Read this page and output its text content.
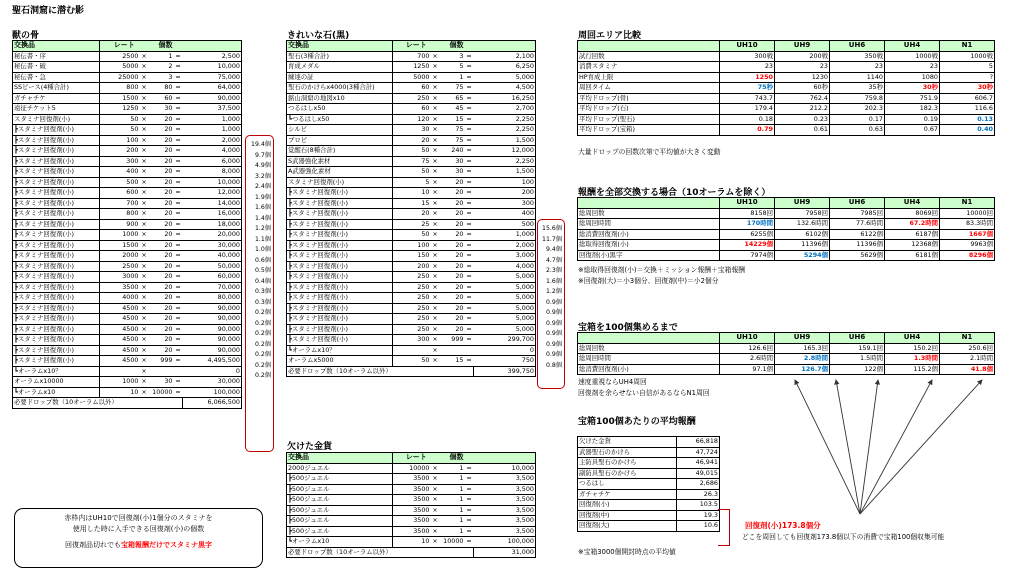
聖石洞窟に潜む影
獣の骨
交換品	レート		個数		
秘伝書・序	2500	×	1	=	2,500
秘伝書・破	5000	×	2	=	10,000
秘伝書・急	25000	×	3	=	75,000
SSピース(4種合計)	800	×	80	=	64,000
ガチャチケ	1500	×	60	=	90,000
遠征チケット5	1250	×	30	=	37,500
スタミナ回復剤(小)	50	×	20	=	1,000
┣スタミナ回復剤(小)	50	×	20	=	1,000
┣スタミナ回復剤(小)	100	×	20	=	2,000
┣スタミナ回復剤(小)	200	×	20	=	4,000
┣スタミナ回復剤(小)	300	×	20	=	6,000
┣スタミナ回復剤(小)	400	×	20	=	8,000
┣スタミナ回復剤(小)	500	×	20	=	10,000
┣スタミナ回復剤(小)	600	×	20	=	12,000
┣スタミナ回復剤(小)	700	×	20	=	14,000
┣スタミナ回復剤(小)	800	×	20	=	16,000
┣スタミナ回復剤(小)	900	×	20	=	18,000
┣スタミナ回復剤(小)	1000	×	20	=	20,000
┣スタミナ回復剤(小)	1500	×	20	=	30,000
┣スタミナ回復剤(小)	2000	×	20	=	40,000
┣スタミナ回復剤(小)	2500	×	20	=	50,000
┣スタミナ回復剤(小)	3000	×	20	=	60,000
┣スタミナ回復剤(小)	3500	×	20	=	70,000
┣スタミナ回復剤(小)	4000	×	20	=	80,000
┣スタミナ回復剤(小)	4500	×	20	=	90,000
┣スタミナ回復剤(小)	4500	×	20	=	90,000
┣スタミナ回復剤(小)	4500	×	20	=	90,000
┣スタミナ回復剤(小)	4500	×	20	=	90,000
┣スタミナ回復剤(小)	4500	×	20	=	90,000
┣スタミナ回復剤(小)	4500	×	999	=	4,495,500
┗オーラムx10？		×			0
オーラムx10000	1000	×	30	=	30,000
┗オーラムx10	10	×	10000	=	100,000
必要ドロップ数（10オーラム以外）					6,066,500
19.4個
9.7個
4.9個
3.2個
2.4個
1.9個
1.6個
1.4個
1.2個
1.1個
1.0個
0.6個
0.5個
0.4個
0.3個
0.3個
0.2個
0.2個
0.2個
0.2個
0.2個
0.2個
0.2個
赤枠内はUH10で回復剤(小)1個分のスタミナを
使用した時に入手できる回復剤(小)の個数
回復剤品切れでも宝箱報酬だけでスタミナ黒字
きれいな石(黒)
交換品	レート		個数		
聖石(3種合計)	700	×	3	=	2,100
育成メダル	1250	×	5	=	6,250
練達の証	5000	×	1	=	5,000
聖石のかけらx4000(3種合計)	60	×	75	=	4,500
銘山洞窟の地図x10	250	×	65	=	16,250
つるはしx50	60	×	45	=	2,700
┗つるはしx50	120	×	15	=	2,250
シルビ	30	×	75	=	2,250
ブロビ	20	×	75	=	1,500
覚醒石(8種合計)	50	×	240	=	12,000
S武器強化素材	75	×	30	=	2,250
A武器強化素材	50	×	30	=	1,500
スタミナ回復剤(小)	5	×	20	=	100
┣スタミナ回復剤(小)	10	×	20	=	200
┣スタミナ回復剤(小)	15	×	20	=	300
┣スタミナ回復剤(小)	20	×	20	=	400
┣スタミナ回復剤(小)	25	×	20	=	500
┣スタミナ回復剤(小)	50	×	20	=	1,000
┣スタミナ回復剤(小)	100	×	20	=	2,000
┣スタミナ回復剤(小)	150	×	20	=	3,000
┣スタミナ回復剤(小)	200	×	20	=	4,000
┣スタミナ回復剤(小)	250	×	20	=	5,000
┣スタミナ回復剤(小)	250	×	20	=	5,000
┣スタミナ回復剤(小)	250	×	20	=	5,000
┣スタミナ回復剤(小)	250	×	20	=	5,000
┣スタミナ回復剤(小)	250	×	20	=	5,000
┣スタミナ回復剤(小)	250	×	20	=	5,000
┣スタミナ回復剤(小)	300	×	999	=	299,700
┗オーラムx10？		×			0
オーラムx5000	50	×	15	=	750
必要ドロップ数（10オーラム以外）					399,750
15.6個
11.7個
9.4個
4.7個
2.3個
1.6個
1.2個
0.9個
0.9個
0.9個
0.9個
0.9個
0.9個
0.8個
欠けた金貨
交換品	レート		個数		
2000ジュエル	10000	×	1	=	10,000
┣500ジュエル	3500	×	1	=	3,500
┣500ジュエル	3500	×	1	=	3,500
┣500ジュエル	3500	×	1	=	3,500
┣500ジュエル	3500	×	1	=	3,500
┣500ジュエル	3500	×	1	=	3,500
┣500ジュエル	3500	×	1	=	3,500
┗オーラムx10	10	×	10000	=	100,000
必要ドロップ数（10オーラム以外）					31,000
周回エリア比較
	UH10	UH9	UH6	UH4	N1
試行回数	300戦	200戦	350戦	1000戦	1000戦
消費スタミナ	23	23	23	23	5
HP育成上限	1250	1230	1140	1080	?
周回タイム	75秒	60秒	35秒	30秒	30秒
平均ドロップ(骨)	743.7	762.4	759.8	751.9	606.7
平均ドロップ(石)	179.4	212.2	202.3	182.3	116.6
平均ドロップ(聖石)	0.18	0.23	0.17	0.19	0.13
平均ドロップ(宝箱)	0.79	0.61	0.63	0.67	0.40
大量ドロップの回数次第で平均値が大きく変動
報酬を全部交換する場合（10オーラムを除く）
	UH10	UH9	UH6	UH4	N1
総周回数	8158回	7958回	7985回	8069回	10000回
総周回時間	170時間	132.6時間	77.6時間	67.2時間	83.3時間
総消費回復剤(小)	6255個	6102個	6122個	6187個	1667個
総取得回復剤(小)	14229個	11396個	11396個	12368個	9963個
回復剤(小)黒字	7974個	5294個	5629個	6181個	8296個
※総取得回復剤(小)＝交換＋ミッション報酬＋宝箱報酬
※回復剤(大)＝小3個分、回復剤(中)＝小2個分
宝箱を100個集めるまで
	UH10	UH9	UH6	UH4	N1
総周回数	126.6回	165.3回	159.1回	150.2回	250.6回
総周回時間	2.6時間	2.8時間	1.5時間	1.3時間	2.1時間
総消費回復剤(小)	97.1個	126.7個	122個	115.2個	41.8個
速度重視ならUH4周回
回復剤を余らせない自信があるならN1周回
宝箱100個あたりの平均報酬
欠けた金貨	66,818
武器聖石のかけら	47,724
主防具聖石のかけら	46,941
副防具聖石のかけら	49,015
つるはし	2,686
ガチャチケ	26.3
回復剤(小)	103.5
回復剤(中)	19.3
回復剤(大)	10.6	回復剤(小)173.8個分
どこを周回しても回復剤173.8個以下の消費で宝箱100個収集可能
※宝箱3000個開封時点の平均値
